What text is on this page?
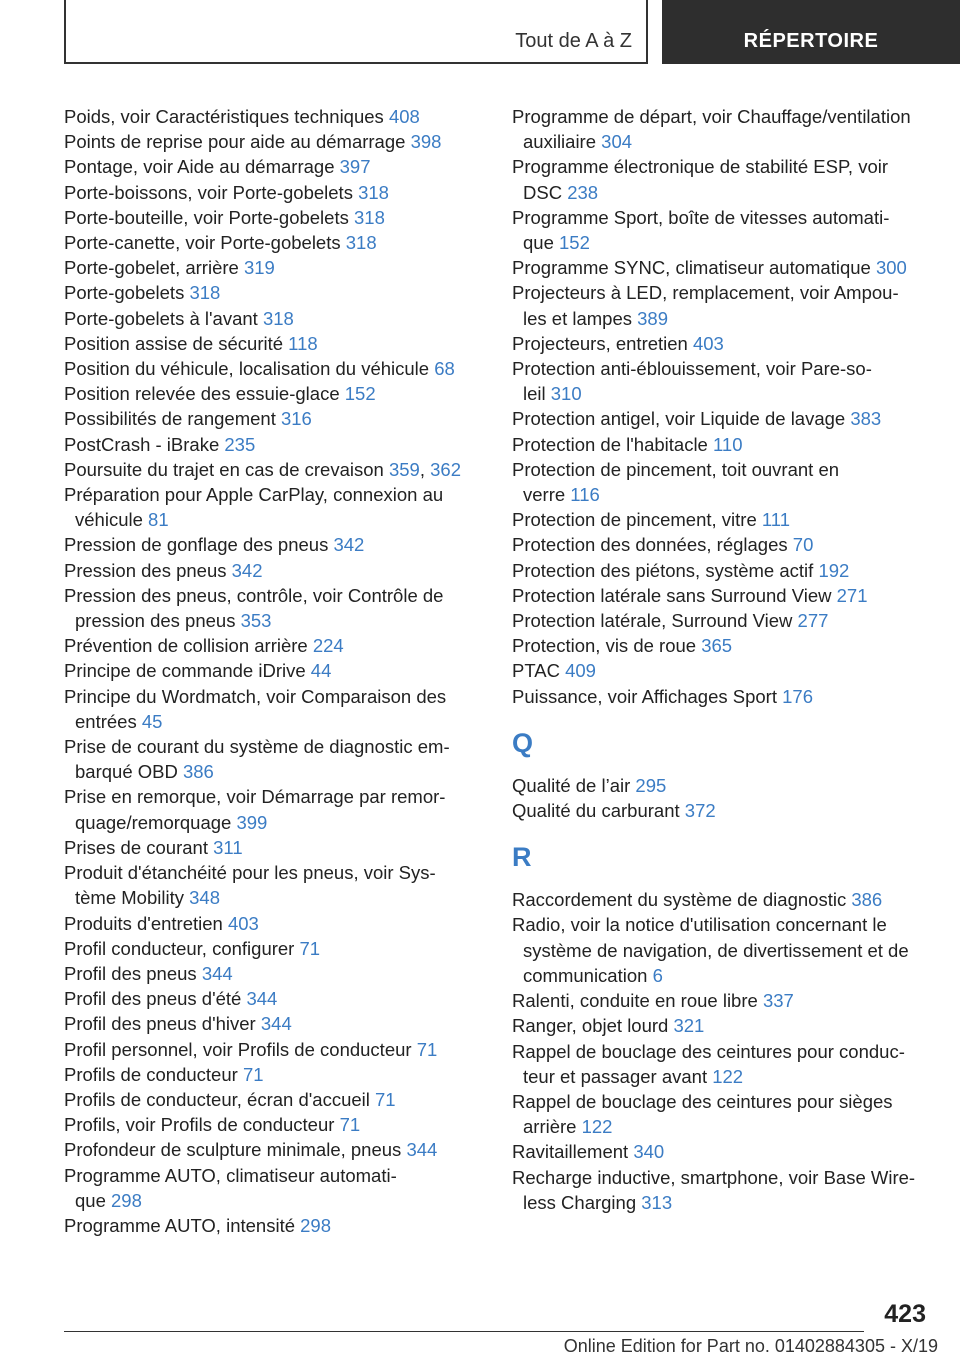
Tout de A à Z	RÉPERTOIRE
Poids, voir Caractéristiques techniques 408
Points de reprise pour aide au démarrage 398
Pontage, voir Aide au démarrage 397
Porte-boissons, voir Porte-gobelets 318
Porte-bouteille, voir Porte-gobelets 318
Porte-canette, voir Porte-gobelets 318
Porte-gobelet, arrière 319
Porte-gobelets 318
Porte-gobelets à l'avant 318
Position assise de sécurité 118
Position du véhicule, localisation du véhicule 68
Position relevée des essuie-glace 152
Possibilités de rangement 316
PostCrash - iBrake 235
Poursuite du trajet en cas de crevaison 359, 362
Préparation pour Apple CarPlay, connexion au
véhicule 81
Pression de gonflage des pneus 342
Pression des pneus 342
Pression des pneus, contrôle, voir Contrôle de
pression des pneus 353
Prévention de collision arrière 224
Principe de commande iDrive 44
Principe du Wordmatch, voir Comparaison des
entrées 45
Prise de courant du système de diagnostic em‐
barqué OBD 386
Prise en remorque, voir Démarrage par remor‐
quage/remorquage 399
Prises de courant 311
Produit d'étanchéité pour les pneus, voir Sys‐
tème Mobility 348
Produits d'entretien 403
Profil conducteur, configurer 71
Profil des pneus 344
Profil des pneus d'été 344
Profil des pneus d'hiver 344
Profil personnel, voir Profils de conducteur 71
Profils de conducteur 71
Profils de conducteur, écran d'accueil 71
Profils, voir Profils de conducteur 71
Profondeur de sculpture minimale, pneus 344
Programme AUTO, climatiseur automati‐
que 298
Programme AUTO, intensité 298
Programme de départ, voir Chauffage/ventilation
auxiliaire 304
Programme électronique de stabilité ESP, voir
DSC 238
Programme Sport, boîte de vitesses automati‐
que 152
Programme SYNC, climatiseur automatique 300
Projecteurs à LED, remplacement, voir Ampou‐
les et lampes 389
Projecteurs, entretien 403
Protection anti-éblouissement, voir Pare-so‐
leil 310
Protection antigel, voir Liquide de lavage 383
Protection de l'habitacle 110
Protection de pincement, toit ouvrant en
verre 116
Protection de pincement, vitre 111
Protection des données, réglages 70
Protection des piétons, système actif 192
Protection latérale sans Surround View 271
Protection latérale, Surround View 277
Protection, vis de roue 365
PTAC 409
Puissance, voir Affichages Sport 176
Q
Qualité de l’air 295
Qualité du carburant 372
R
Raccordement du système de diagnostic 386
Radio, voir la notice d'utilisation concernant le
système de navigation, de divertissement et de
communication 6
Ralenti, conduite en roue libre 337
Ranger, objet lourd 321
Rappel de bouclage des ceintures pour conduc‐
teur et passager avant 122
Rappel de bouclage des ceintures pour sièges
arrière 122
Ravitaillement 340
Recharge inductive, smartphone, voir Base Wire‐
less Charging 313
423
Online Edition for Part no. 01402884305 - X/19
